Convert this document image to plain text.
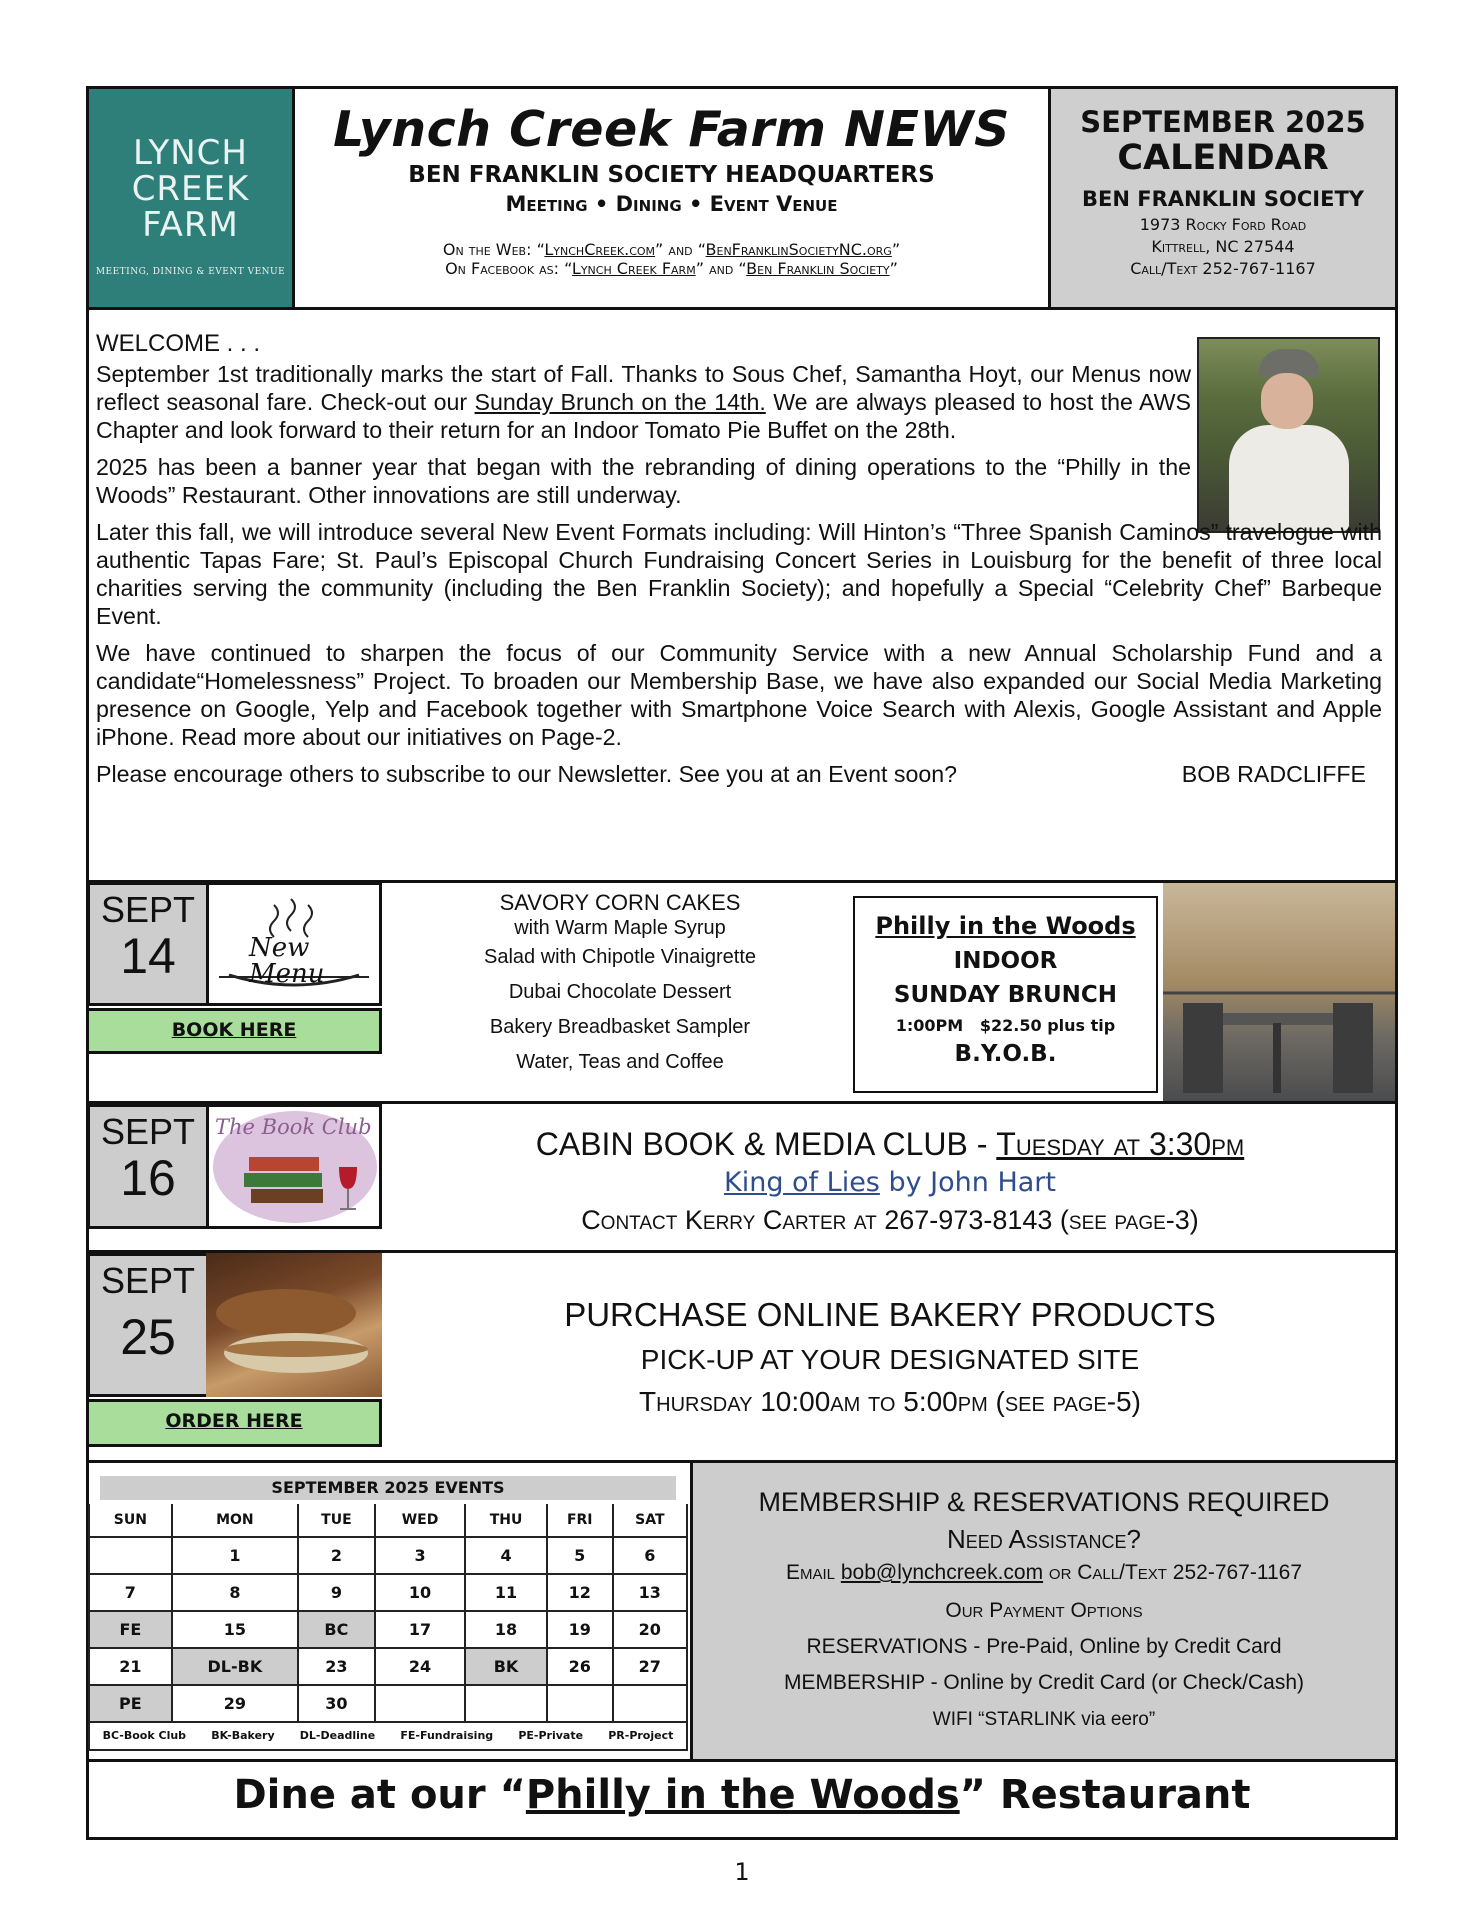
LYNCH
CREEK
FARM
MEETING, DINING & EVENT VENUE
Lynch Creek Farm NEWS
BEN FRANKLIN SOCIETY HEADQUARTERS
Meeting • Dining • Event Venue
On the Web: “LynchCreek.com” and “BenFranklinSocietyNC.org”
On Facebook as: “Lynch Creek Farm” and “Ben Franklin Society”
SEPTEMBER 2025
CALENDAR
BEN FRANKLIN SOCIETY
1973 Rocky Ford Road
Kittrell, NC 27544
Call/Text 252-767-1167
WELCOME . . .

September 1st traditionally marks the start of Fall. Thanks to Sous Chef, Samantha Hoyt, our Menus now reflect seasonal fare. Check-out our Sunday Brunch on the 14th. We are always pleased to host the AWS Chapter and look forward to their return for an Indoor Tomato Pie Buffet on the 28th.

2025 has been a banner year that began with the rebranding of dining operations to the “Philly in the Woods” Restaurant. Other innovations are still underway.

Later this fall, we will introduce several New Event Formats including: Will Hinton’s “Three Spanish Caminos” travelogue with authentic Tapas Fare; St. Paul’s Episcopal Church Fundraising Concert Series in Louisburg for the benefit of three local charities serving the community (including the Ben Franklin Society); and hopefully a Special “Celebrity Chef” Barbeque Event.

We have continued to sharpen the focus of our Community Service with a new Annual Scholarship Fund and a candidate“Homelessness” Project. To broaden our Membership Base, we have also expanded our Social Media Marketing presence on Google, Yelp and Facebook together with Smartphone Voice Search with Alexis, Google Assistant and Apple iPhone. Read more about our initiatives on Page-2.

Please encourage others to subscribe to our Newsletter. See you at an Event soon?	BOB RADCLIFFE
SEPT
14	New Menu
BOOK HERE
SAVORY CORN CAKES
with Warm Maple Syrup
Salad with Chipotle Vinaigrette
Dubai Chocolate Dessert
Bakery Breadbasket Sampler
Water, Teas and Coffee
Philly in the Woods
INDOOR
SUNDAY BRUNCH
1:00PM   $22.50 plus tip
B.Y.O.B.
SEPT
16
The Book Club	CABIN BOOK & MEDIA CLUB - Tuesday at 3:30pm
King of Lies by John Hart
Contact Kerry Carter at 267-973-8143 (see page-3)
SEPT
25
ORDER HERE
PURCHASE ONLINE BAKERY PRODUCTS
PICK-UP AT YOUR DESIGNATED SITE
Thursday 10:00am to 5:00pm (see page-5)
SEPTEMBER 2025 EVENTS
SUN	MON	TUE	WED	THU	FRI	SAT
	1	2	3	4	5	6
7	8	9	10	11	12	13
FE	15	BC	17	18	19	20
21	DL-BK	23	24	BK	26	27
PE	29	30				
BC-Book Club BK-Bakery DL-Deadline FE-Fundraising PE-Private PR-Project
MEMBERSHIP & RESERVATIONS REQUIRED
Need Assistance?
Email bob@lynchcreek.com or Call/Text 252-767-1167
Our Payment Options
RESERVATIONS - Pre-Paid, Online by Credit Card
MEMBERSHIP - Online by Credit Card (or Check/Cash)
WIFI “STARLINK via eero”
Dine at our “Philly in the Woods” Restaurant
1
